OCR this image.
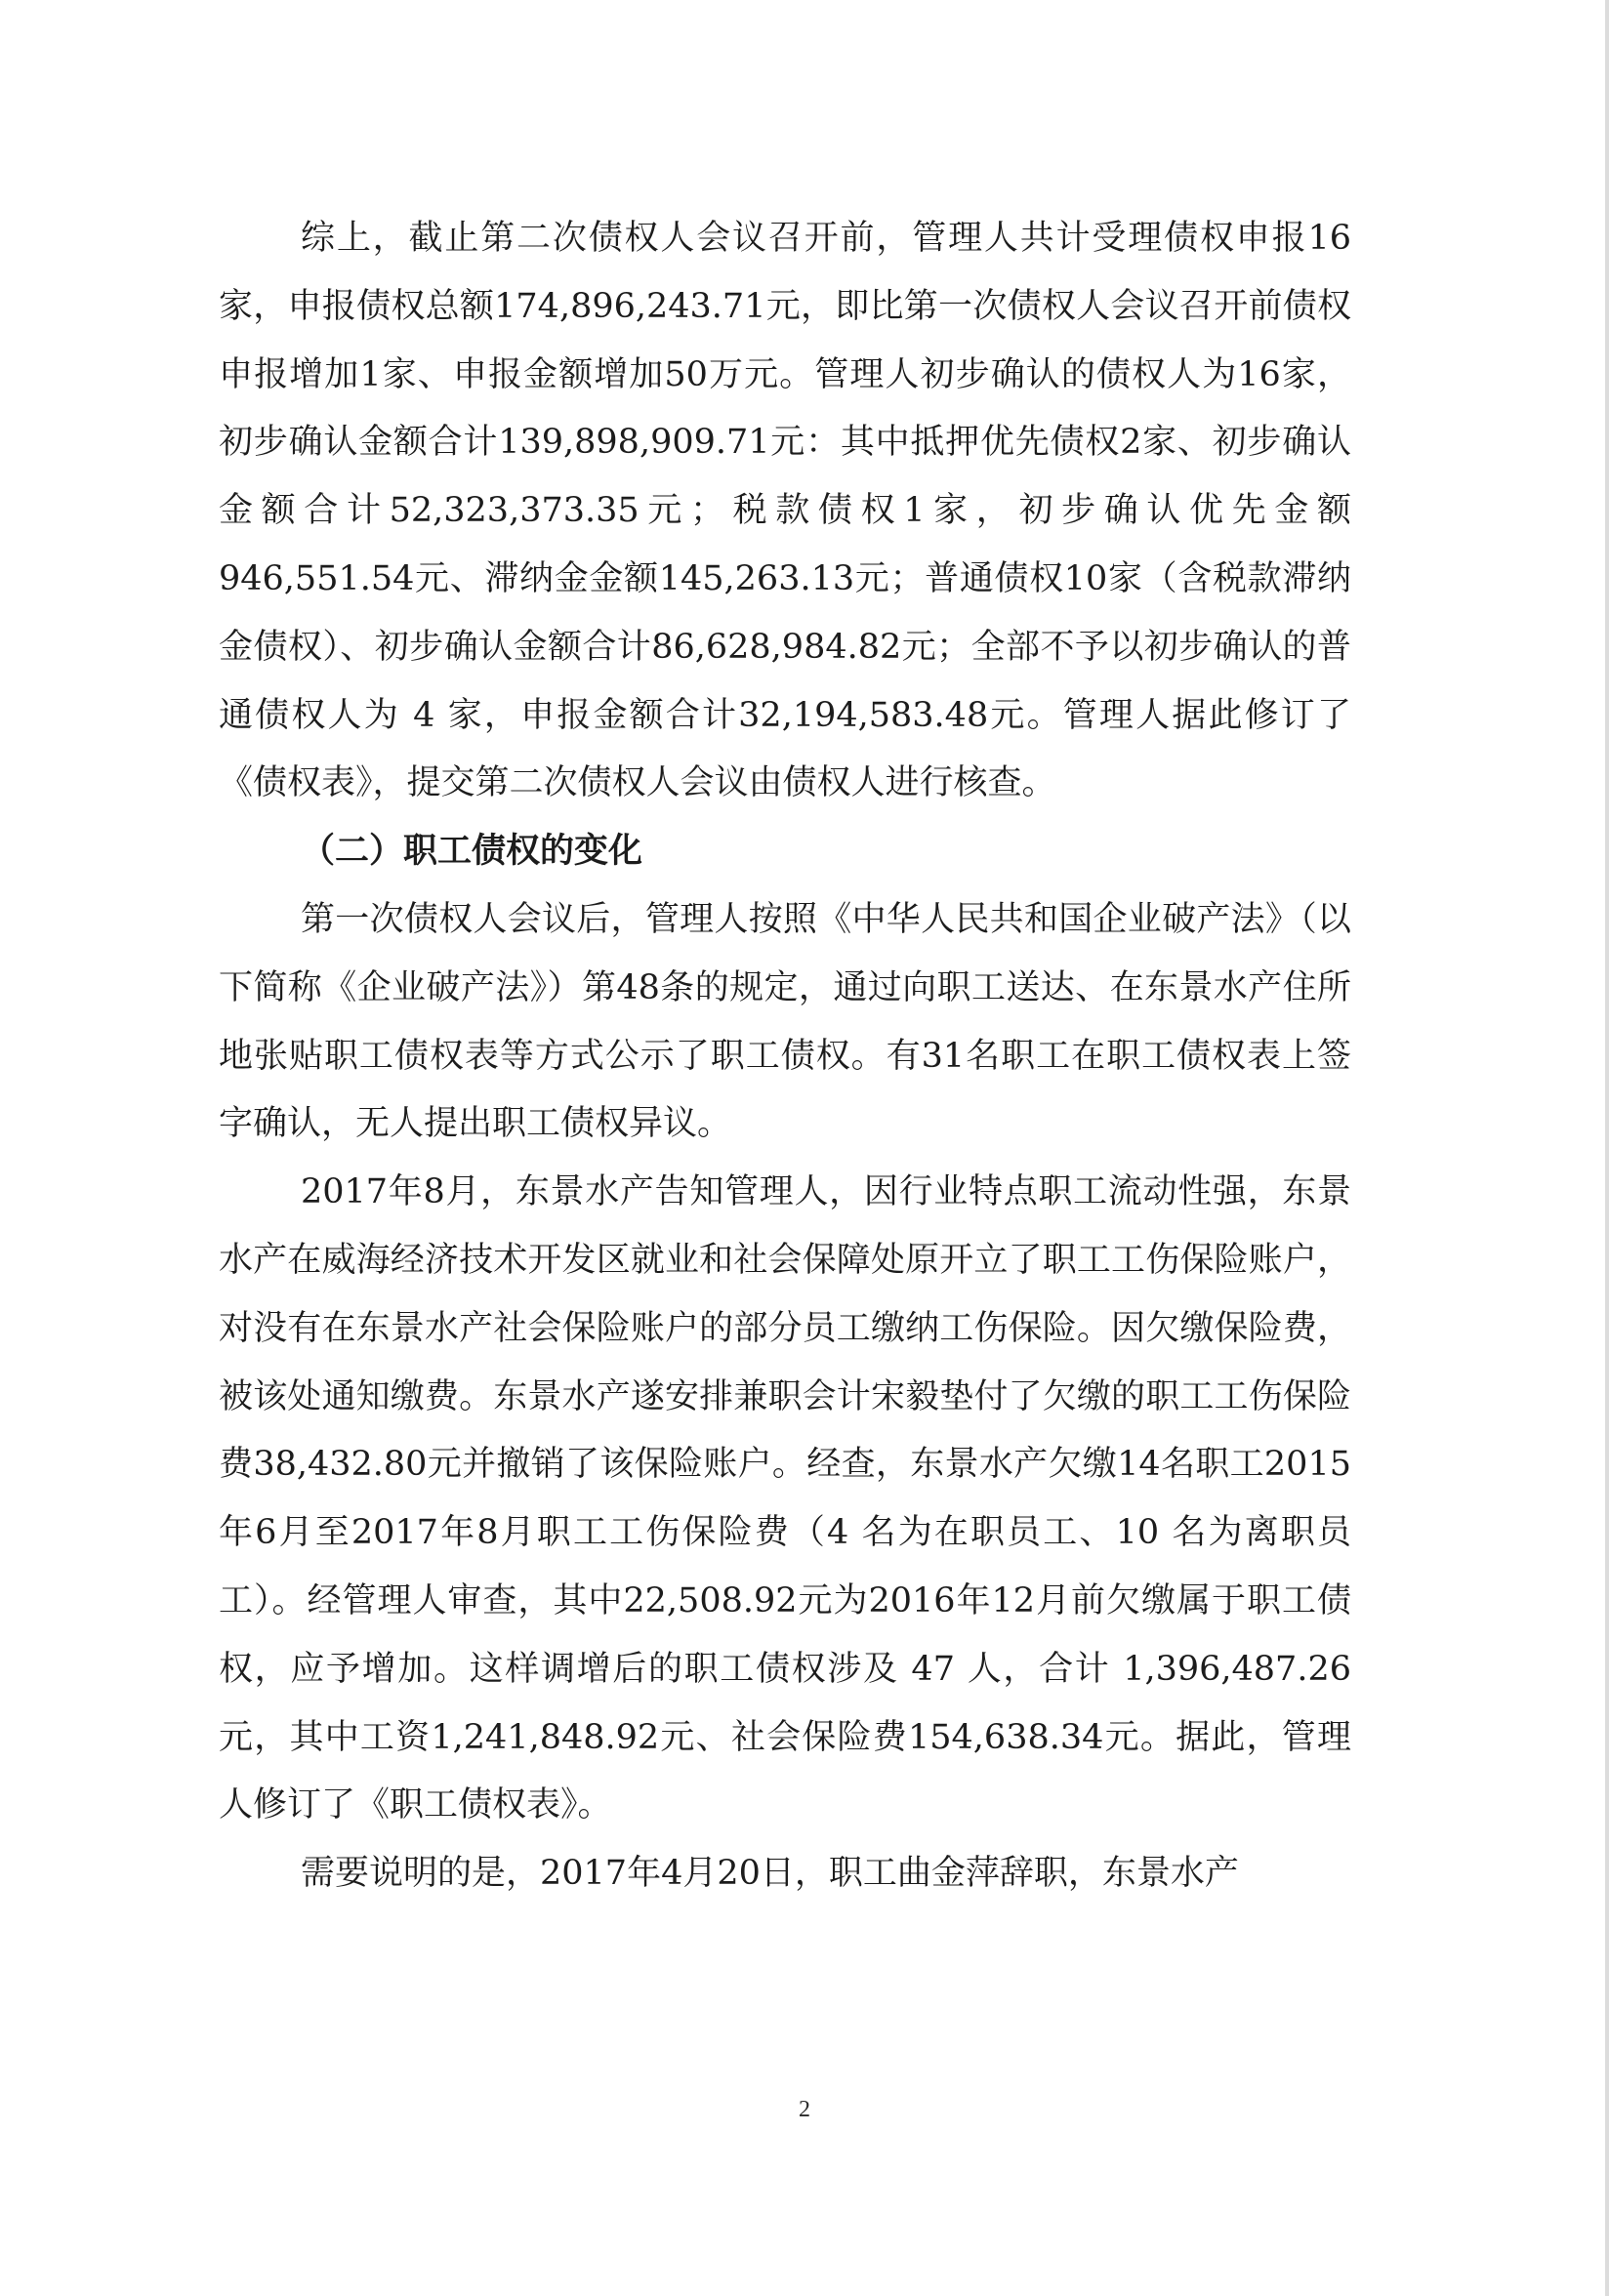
综上，截止第二次债权人会议召开前，管理人共计受理债权申报16家，申报债权总额174,896,243.71元，即比第一次债权人会议召开前债权申报增加1家、申报金额增加50万元。管理人初步确认的债权人为16家，初步确认金额合计139,898,909.71元：其中抵押优先债权2家、初步确认金额合计52,323,373.35元；税款债权1家，初步确认优先金额946,551.54元、滞纳金金额145,263.13元；普通债权10家（含税款滞纳金债权）、初步确认金额合计86,628,984.82元；全部不予以初步确认的普通债权人为 4 家，申报金额合计32,194,583.48元。管理人据此修订了《债权表》，提交第二次债权人会议由债权人进行核查。

（二）职工债权的变化

第一次债权人会议后，管理人按照《中华人民共和国企业破产法》（以下简称《企业破产法》）第48条的规定，通过向职工送达、在东景水产住所地张贴职工债权表等方式公示了职工债权。有31名职工在职工债权表上签字确认，无人提出职工债权异议。

2017年8月，东景水产告知管理人，因行业特点职工流动性强，东景水产在威海经济技术开发区就业和社会保障处原开立了职工工伤保险账户，对没有在东景水产社会保险账户的部分员工缴纳工伤保险。因欠缴保险费，被该处通知缴费。东景水产遂安排兼职会计宋毅垫付了欠缴的职工工伤保险费38,432.80元并撤销了该保险账户。经查，东景水产欠缴14名职工2015年6月至2017年8月职工工伤保险费（4 名为在职员工、10 名为离职员工）。经管理人审查，其中22,508.92元为2016年12月前欠缴属于职工债权，应予增加。这样调增后的职工债权涉及 47 人，合计 1,396,487.26 元，其中工资1,241,848.92元、社会保险费154,638.34元。据此，管理人修订了《职工债权表》。

需要说明的是，2017年4月20日，职工曲金萍辞职，东景水产

2
